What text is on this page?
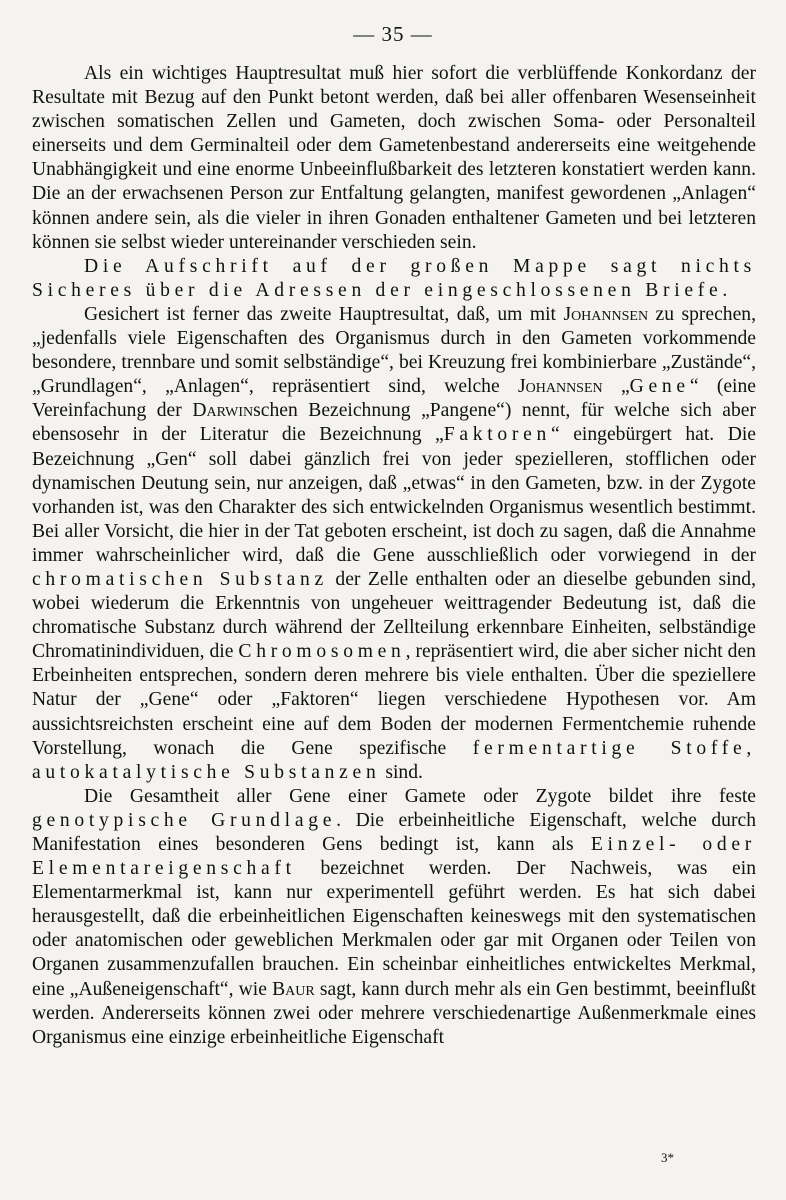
— 35 —

Als ein wichtiges Hauptresultat muß hier sofort die verblüffende Konkordanz der Resultate mit Bezug auf den Punkt betont werden, daß bei aller offenbaren Wesenseinheit zwischen somatischen Zellen und Gameten, doch zwischen Soma- oder Personalteil einerseits und dem Germinalteil oder dem Gametenbestand andererseits eine weitgehende Unabhängigkeit und eine enorme Unbeeinflußbarkeit des letzteren konstatiert werden kann. Die an der erwachsenen Person zur Entfaltung gelangten, manifest gewordenen „Anlagen“ können andere sein, als die vieler in ihren Gonaden enthaltener Gameten und bei letzteren können sie selbst wieder untereinander verschieden sein.

Die Aufschrift auf der großen Mappe sagt nichts Sicheres über die Adressen der eingeschlossenen Briefe.

Gesichert ist ferner das zweite Hauptresultat, daß, um mit Johannsen zu sprechen, „jedenfalls viele Eigenschaften des Organismus durch in den Gameten vorkommende besondere, trennbare und somit selbständige“, bei Kreuzung frei kombinierbare „Zustände“, „Grundlagen“, „Anlagen“, repräsentiert sind, welche Johannsen „Gene“ (eine Vereinfachung der Darwinschen Bezeichnung „Pangene“) nennt, für welche sich aber ebensosehr in der Literatur die Bezeichnung „Faktoren“ eingebürgert hat. Die Bezeichnung „Gen“ soll dabei gänzlich frei von jeder spezielleren, stofflichen oder dynamischen Deutung sein, nur anzeigen, daß „etwas“ in den Gameten, bzw. in der Zygote vorhanden ist, was den Charakter des sich entwickelnden Organismus wesentlich bestimmt. Bei aller Vorsicht, die hier in der Tat geboten erscheint, ist doch zu sagen, daß die Annahme immer wahrscheinlicher wird, daß die Gene ausschließlich oder vorwiegend in der chromatischen Substanz der Zelle enthalten oder an dieselbe gebunden sind, wobei wiederum die Erkenntnis von ungeheuer weittragender Bedeutung ist, daß die chromatische Substanz durch während der Zellteilung erkennbare Einheiten, selbständige Chromatinindividuen, die Chromosomen, repräsentiert wird, die aber sicher nicht den Erbeinheiten entsprechen, sondern deren mehrere bis viele enthalten. Über die speziellere Natur der „Gene“ oder „Faktoren“ liegen verschiedene Hypothesen vor. Am aussichtsreichsten erscheint eine auf dem Boden der modernen Fermentchemie ruhende Vorstellung, wonach die Gene spezifische fermentartige Stoffe, autokatalytische Substanzen sind.

Die Gesamtheit aller Gene einer Gamete oder Zygote bildet ihre feste genotypische Grundlage. Die erbeinheitliche Eigenschaft, welche durch Manifestation eines besonderen Gens bedingt ist, kann als Einzel- oder Elementareigenschaft bezeichnet werden. Der Nachweis, was ein Elementarmerkmal ist, kann nur experimentell geführt werden. Es hat sich dabei herausgestellt, daß die erbeinheitlichen Eigenschaften keineswegs mit den systematischen oder anatomischen oder geweblichen Merkmalen oder gar mit Organen oder Teilen von Organen zusammenzufallen brauchen. Ein scheinbar einheitliches entwickeltes Merkmal, eine „Außeneigenschaft“, wie Baur sagt, kann durch mehr als ein Gen bestimmt, beeinflußt werden. Andererseits können zwei oder mehrere verschiedenartige Außenmerkmale eines Organismus eine einzige erbeinheitliche Eigenschaft

3*
